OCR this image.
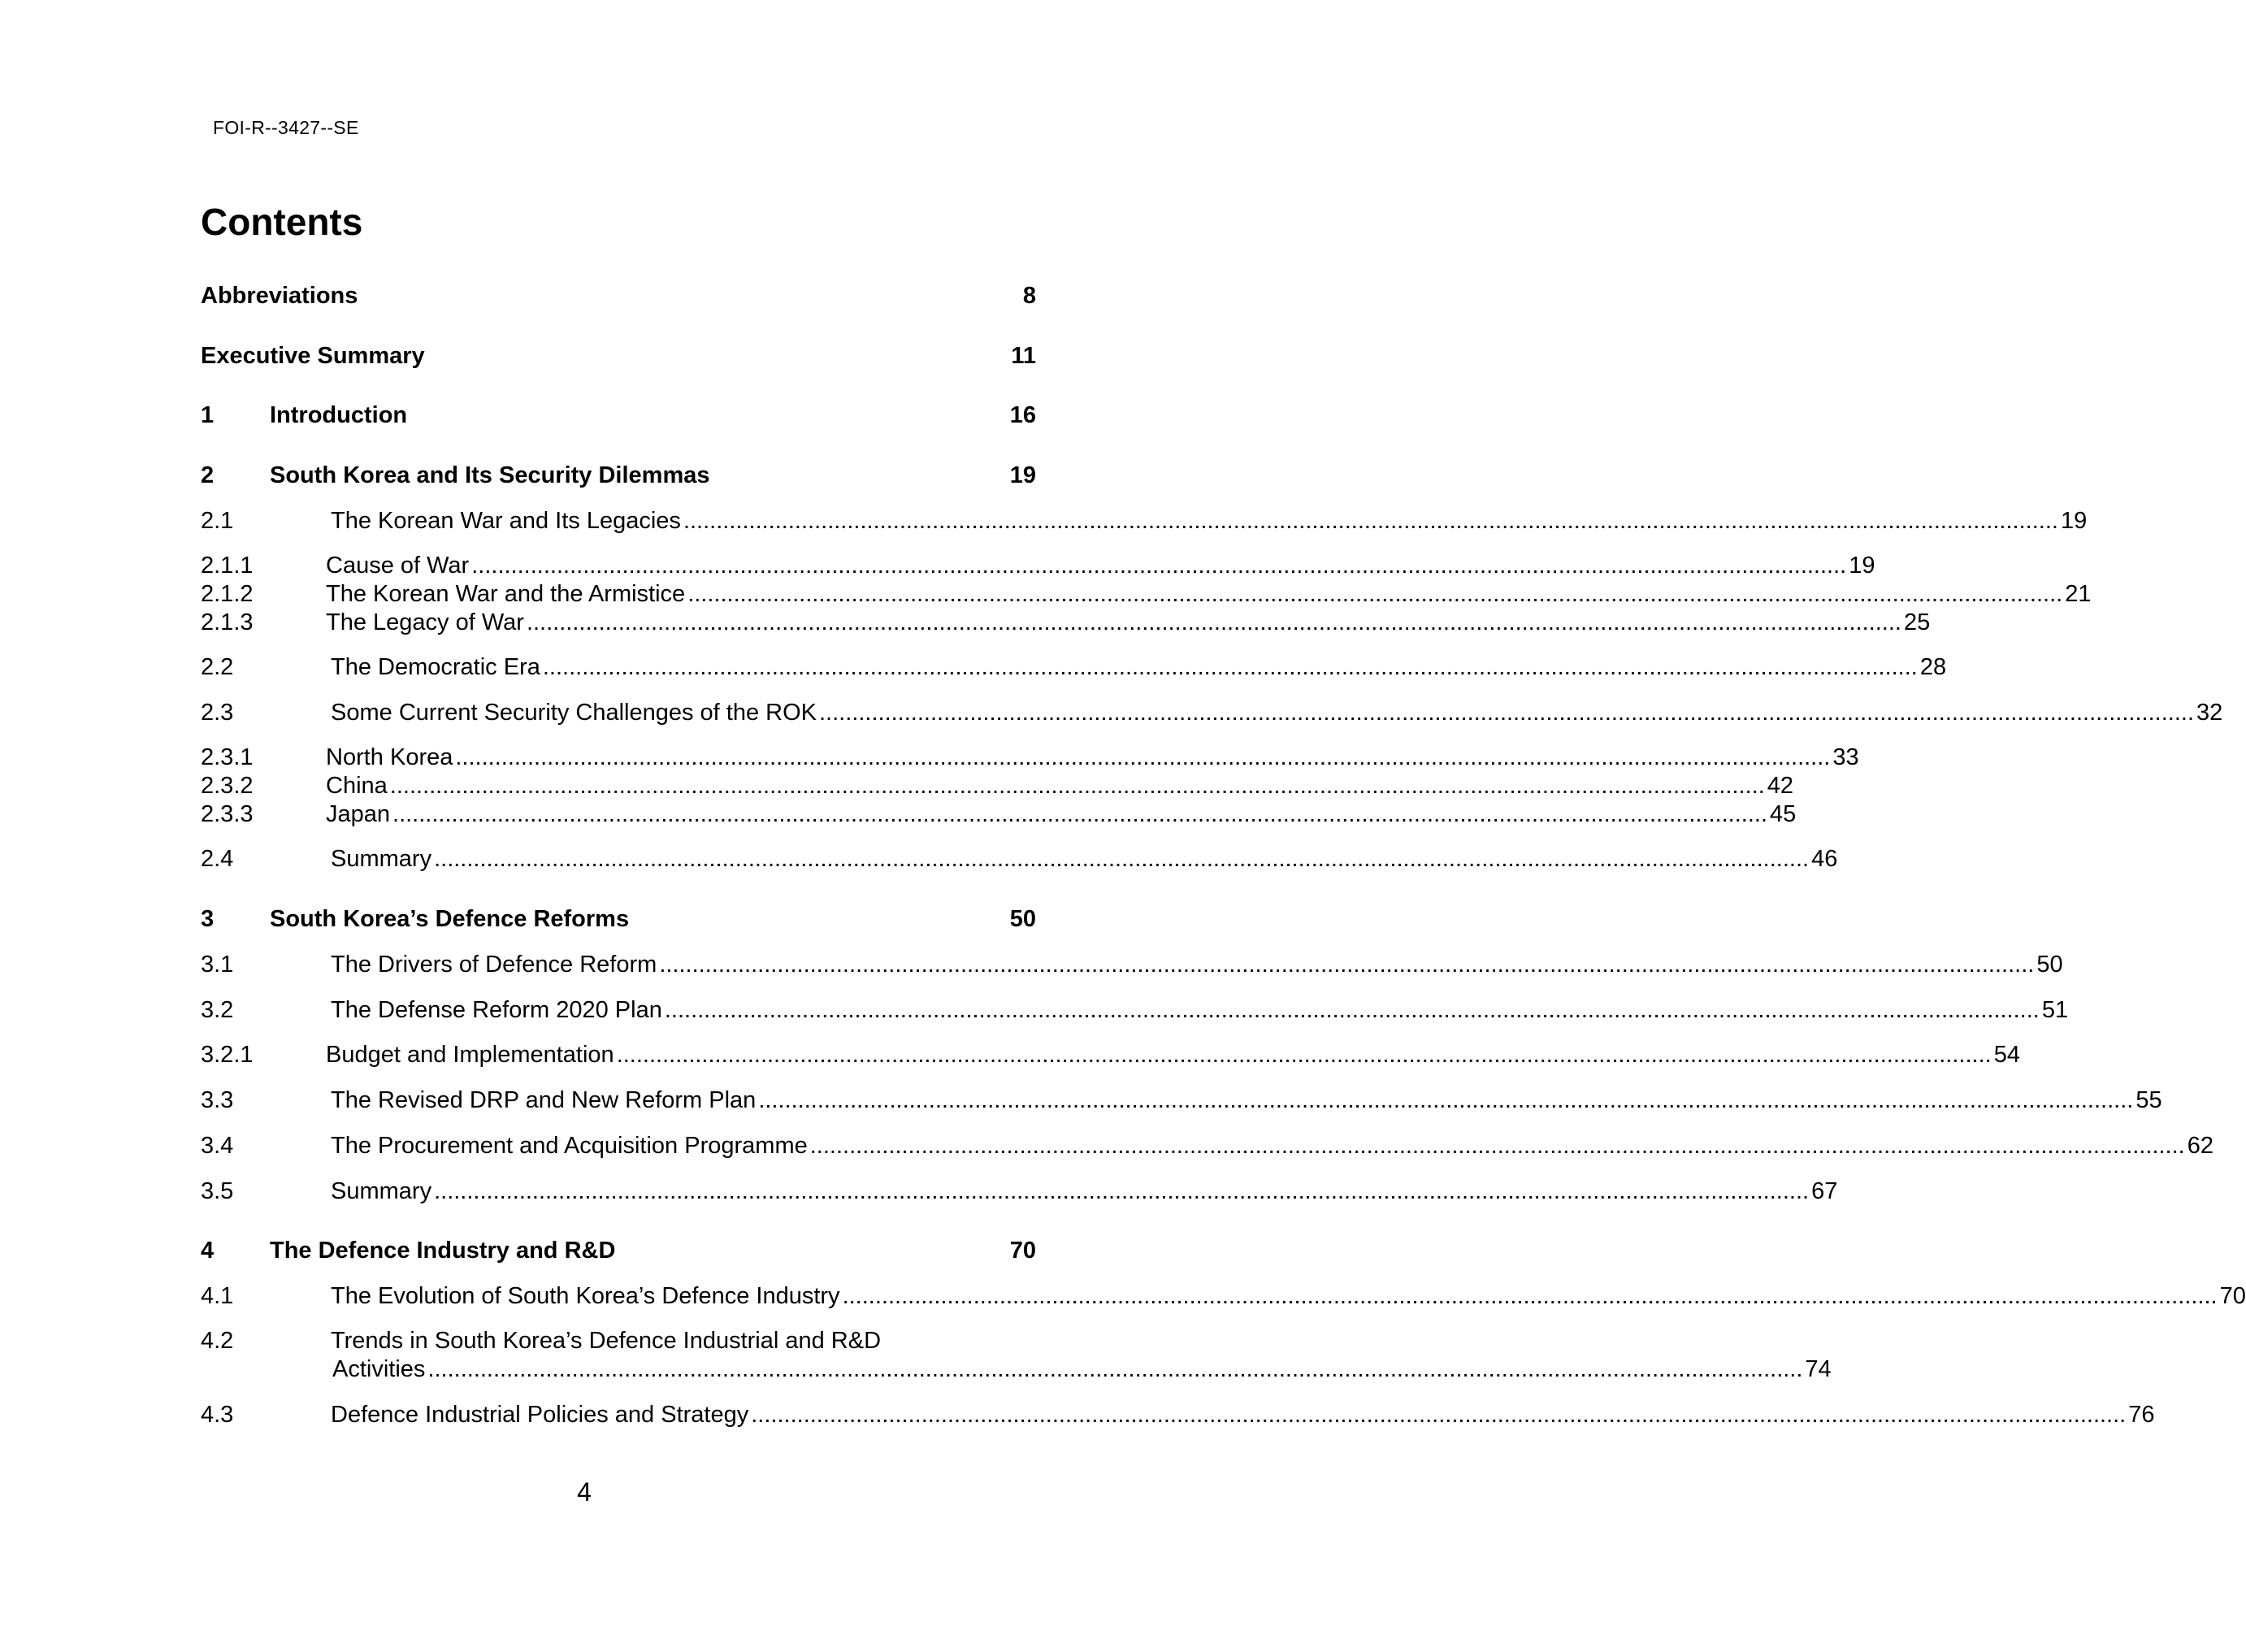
FOI-R--3427--SE
Contents
Abbreviations	8
Executive Summary	11
1 Introduction	16
2 South Korea and Its Security Dilemmas	19
2.1	The Korean War and Its Legacies .................................................................................................................................................................................................................. 19
2.1.1	Cause of War .................................................................................................................................................................................................................. 19
2.1.2	The Korean War and the Armistice .................................................................................................................................................................................................................. 21
2.1.3	The Legacy of War .................................................................................................................................................................................................................. 25
2.2	The Democratic Era .................................................................................................................................................................................................................. 28
2.3	Some Current Security Challenges of the ROK .................................................................................................................................................................................................................. 32
2.3.1	North Korea .................................................................................................................................................................................................................. 33
2.3.2	China .................................................................................................................................................................................................................. 42
2.3.3	Japan .................................................................................................................................................................................................................. 45
2.4	Summary .................................................................................................................................................................................................................. 46
3 South Korea’s Defence Reforms	50
3.1	The Drivers of Defence Reform .................................................................................................................................................................................................................. 50
3.2	The Defense Reform 2020 Plan .................................................................................................................................................................................................................. 51
3.2.1	Budget and Implementation .................................................................................................................................................................................................................. 54
3.3	The Revised DRP and New Reform Plan .................................................................................................................................................................................................................. 55
3.4	The Procurement and Acquisition Programme .................................................................................................................................................................................................................. 62
3.5	Summary .................................................................................................................................................................................................................. 67
4 The Defence Industry and R&D	70
4.1	The Evolution of South Korea’s Defence Industry .................................................................................................................................................................................................................. 70
4.2	Trends in South Korea’s Defence Industrial and R&D
Activities .................................................................................................................................................................................................................. 74
4.3	Defence Industrial Policies and Strategy .................................................................................................................................................................................................................. 76
4
